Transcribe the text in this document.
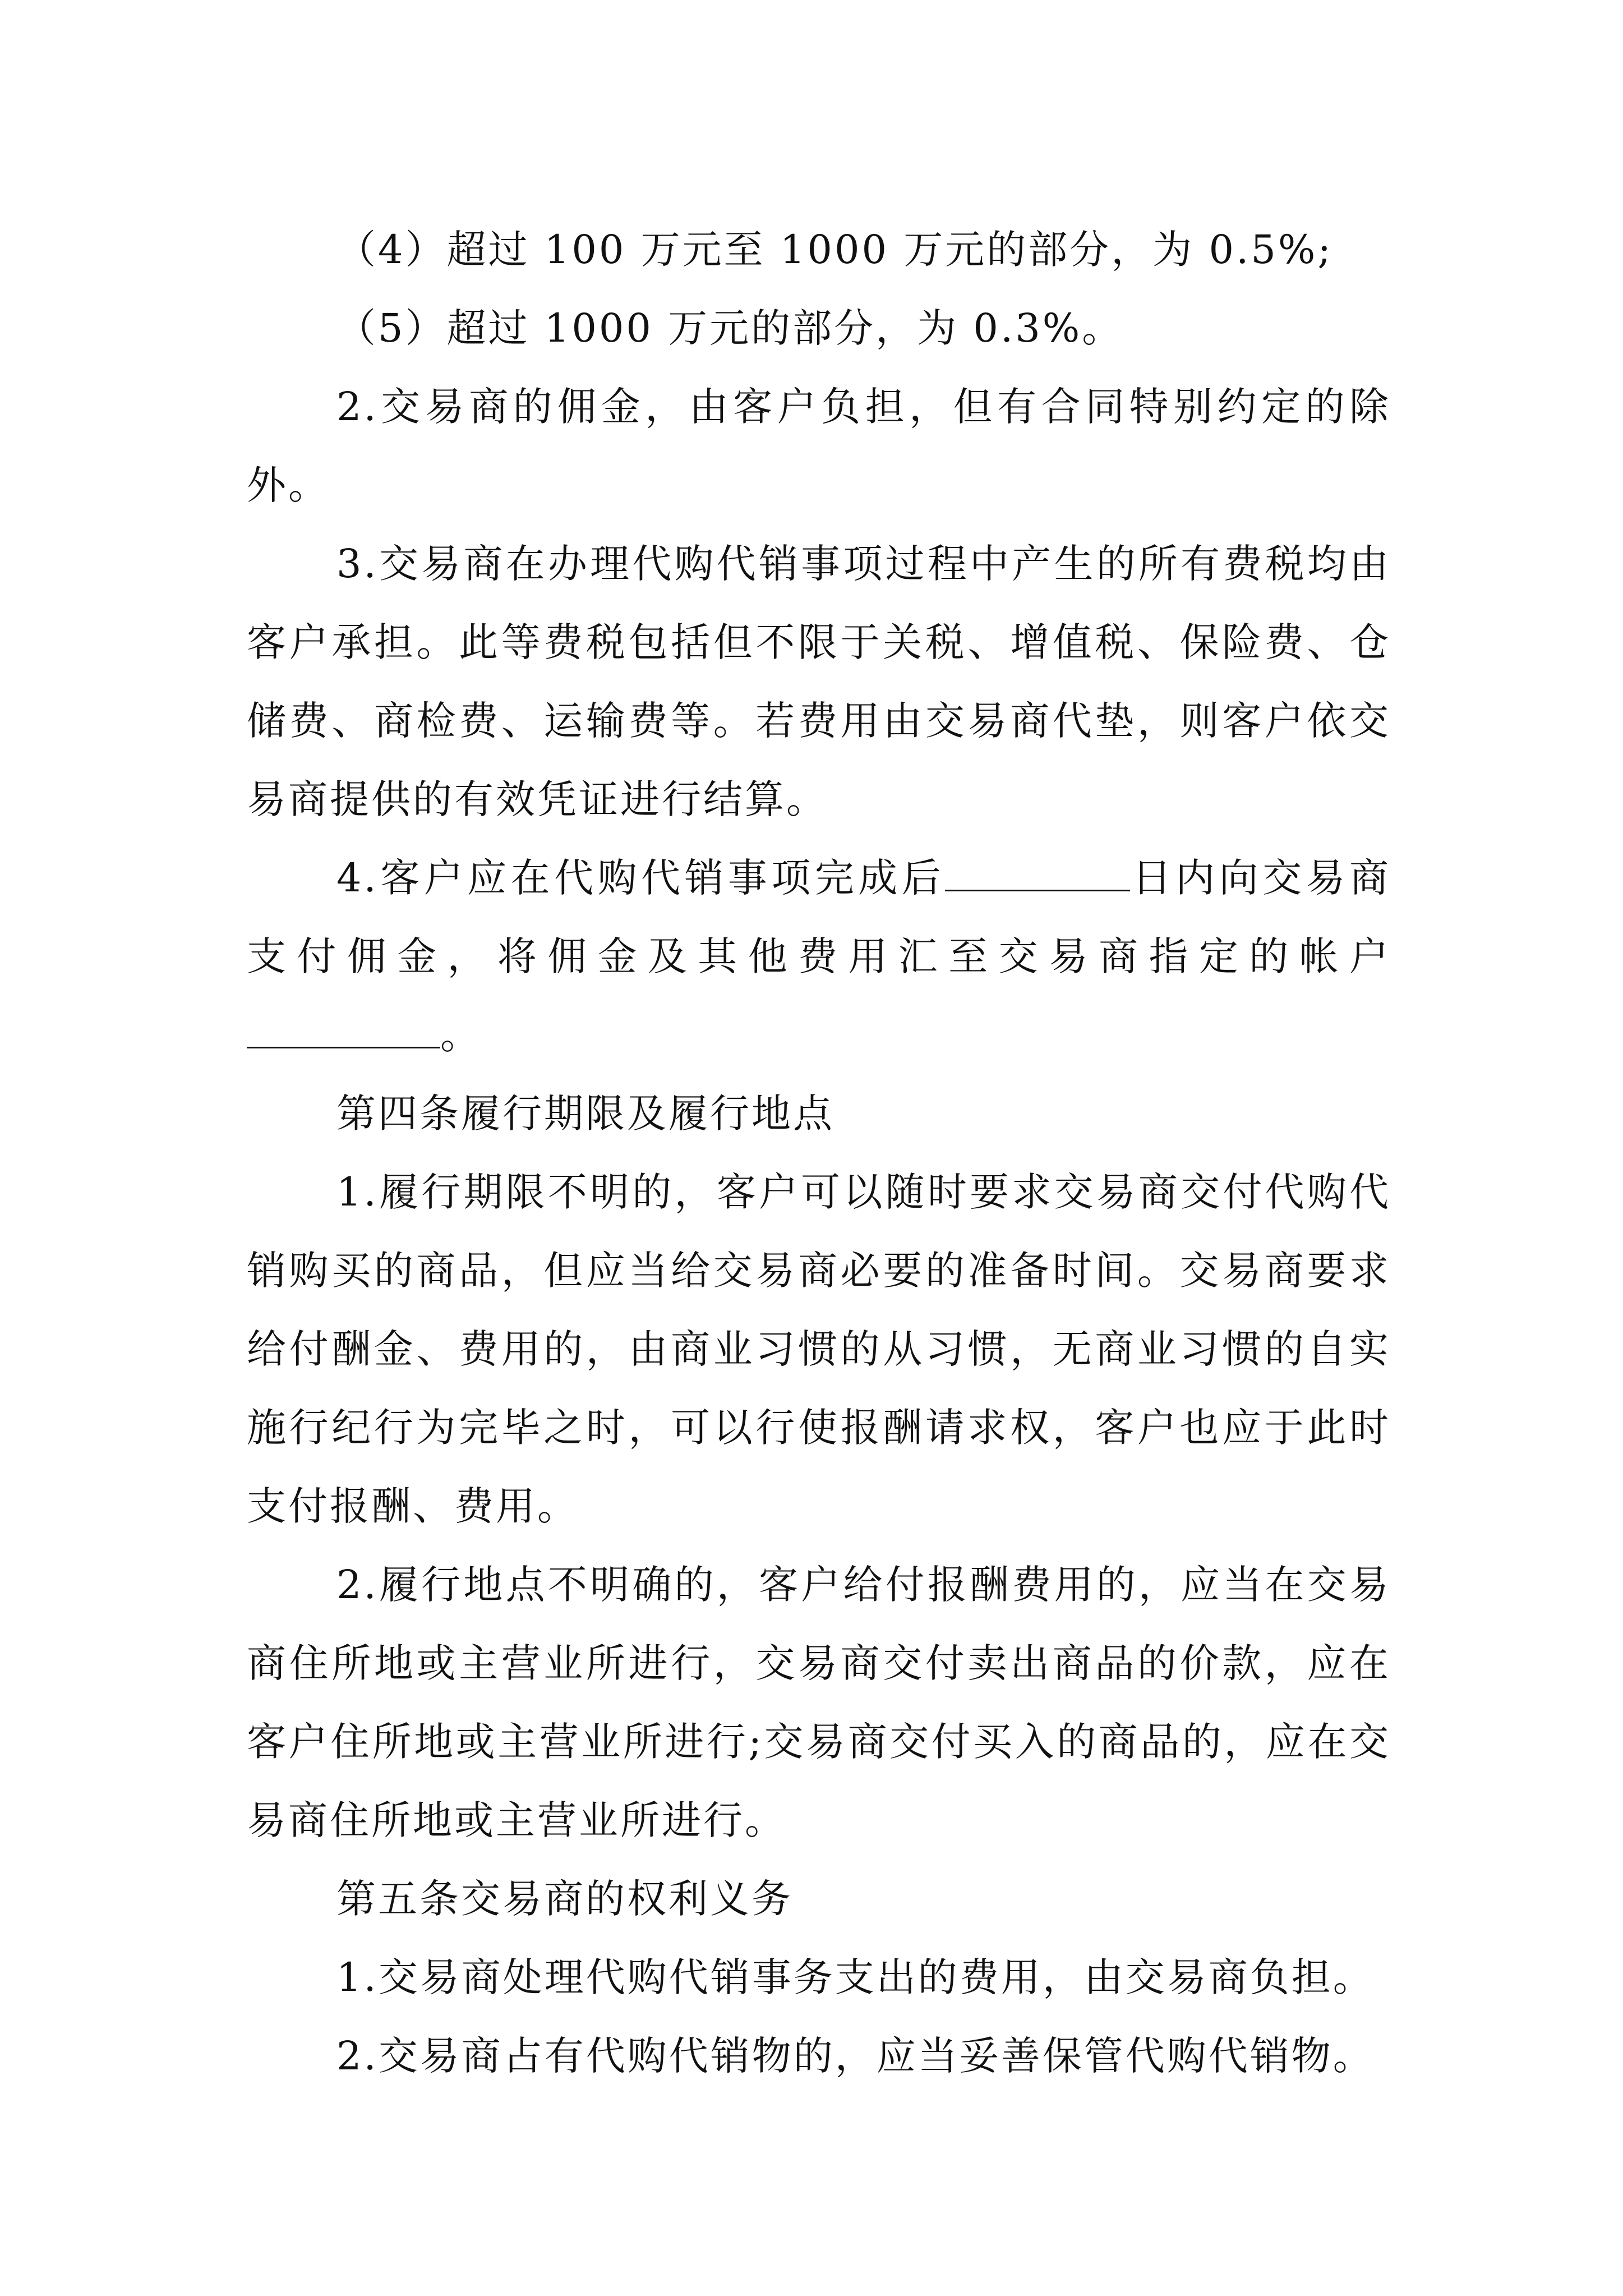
（4）超过 100 万元至 1000 万元的部分，为 0.5%;

（5）超过 1000 万元的部分，为 0.3%。

2.交易商的佣金，由客户负担，但有合同特别约定的除外。

3.交易商在办理代购代销事项过程中产生的所有费税均由客户承担。此等费税包括但不限于关税、增值税、保险费、仓储费、商检费、运输费等。若费用由交易商代垫，则客户依交易商提供的有效凭证进行结算。

4.客户应在代购代销事项完成后	日内向交易商支付佣金，将佣金及其他费用汇至交易商指定的帐户。

第四条履行期限及履行地点

1.履行期限不明的，客户可以随时要求交易商交付代购代销购买的商品，但应当给交易商必要的准备时间。交易商要求给付酬金、费用的，由商业习惯的从习惯，无商业习惯的自实施行纪行为完毕之时，可以行使报酬请求权，客户也应于此时支付报酬、费用。

2.履行地点不明确的，客户给付报酬费用的，应当在交易商住所地或主营业所进行，交易商交付卖出商品的价款，应在客户住所地或主营业所进行;交易商交付买入的商品的，应在交易商住所地或主营业所进行。

第五条交易商的权利义务

1.交易商处理代购代销事务支出的费用，由交易商负担。

2.交易商占有代购代销物的，应当妥善保管代购代销物。
